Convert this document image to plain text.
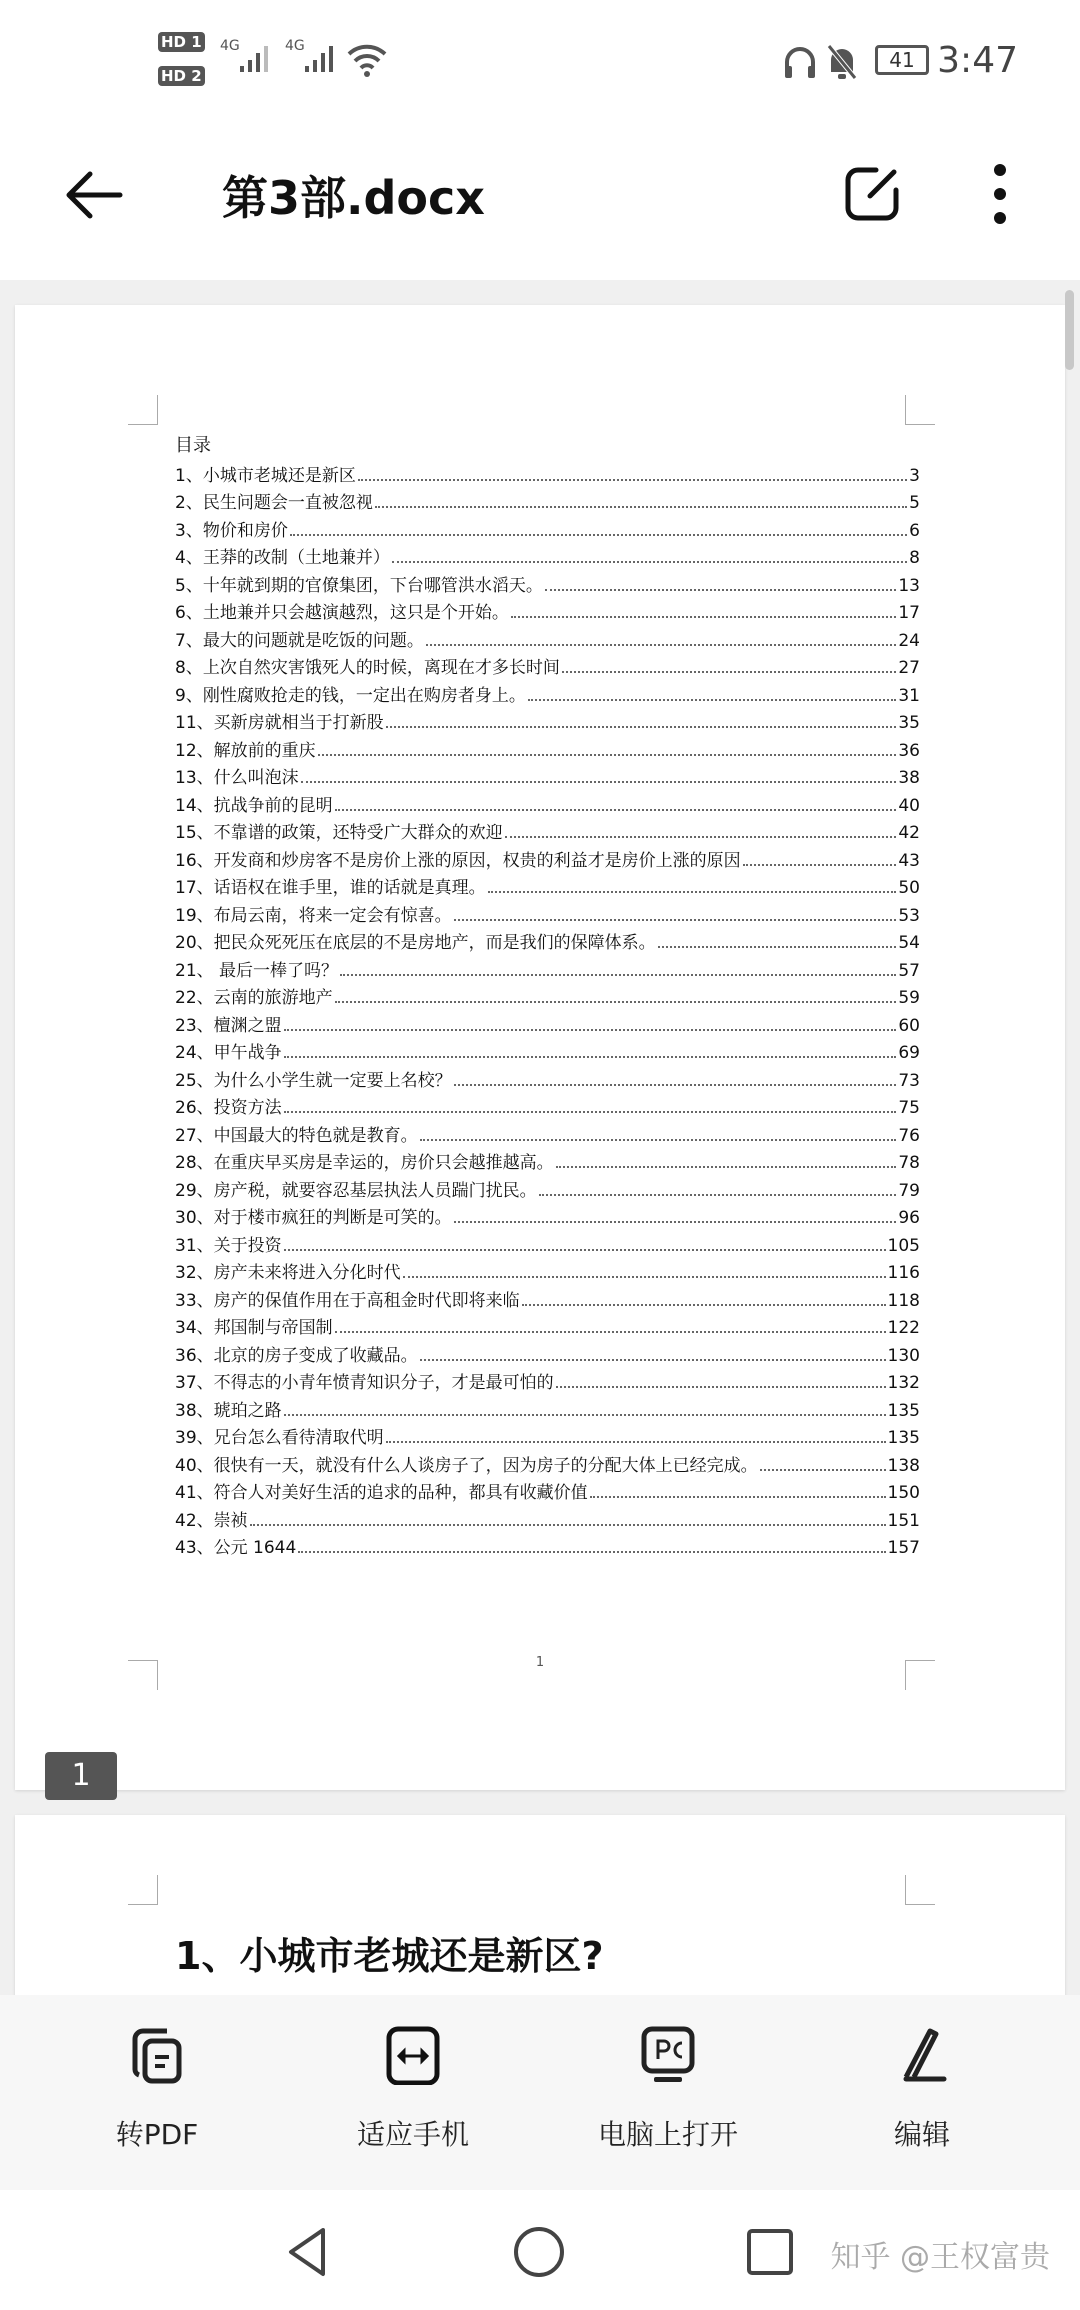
HD 1
HD 2
4G	4G
41 3:47
第3部.docx
目录
1、小城市老城还是新区	3
2、民生问题会一直被忽视	5
3、物价和房价	6
4、王莽的改制（土地兼并）	8
5、十年就到期的官僚集团，下台哪管洪水滔天。	13
6、土地兼并只会越演越烈，这只是个开始。	17
7、最大的问题就是吃饭的问题。	24
8、上次自然灾害饿死人的时候，离现在才多长时间	27
9、刚性腐败抢走的钱，一定出在购房者身上。	31
11、买新房就相当于打新股	35
12、解放前的重庆	36
13、什么叫泡沫	38
14、抗战争前的昆明	40
15、不靠谱的政策，还特受广大群众的欢迎	42
16、开发商和炒房客不是房价上涨的原因，权贵的利益才是房价上涨的原因	43
17、话语权在谁手里，谁的话就是真理。	50
19、布局云南，将来一定会有惊喜。	53
20、把民众死死压在底层的不是房地产，而是我们的保障体系。	54
21、 最后一棒了吗？	57
22、云南的旅游地产	59
23、檀渊之盟	60
24、甲午战争	69
25、为什么小学生就一定要上名校？	73
26、投资方法	75
27、中国最大的特色就是教育。	76
28、在重庆早买房是幸运的，房价只会越推越高。	78
29、房产税，就要容忍基层执法人员踹门扰民。	79
30、对于楼市疯狂的判断是可笑的。	96
31、关于投资	105
32、房产未来将进入分化时代	116
33、房产的保值作用在于高租金时代即将来临	118
34、邦国制与帝国制	122
36、北京的房子变成了收藏品。	130
37、不得志的小青年愤青知识分子，才是最可怕的	132
38、琥珀之路	135
39、兄台怎么看待清取代明	135
40、很快有一天，就没有什么人谈房子了，因为房子的分配大体上已经完成。	138
41、符合人对美好生活的追求的品种，都具有收藏价值	150
42、崇祯	151
43、公元 1644	157
1
1
1、小城市老城还是新区?
转PDF	适应手机	电脑上打开	编辑
知乎 @王权富贵
